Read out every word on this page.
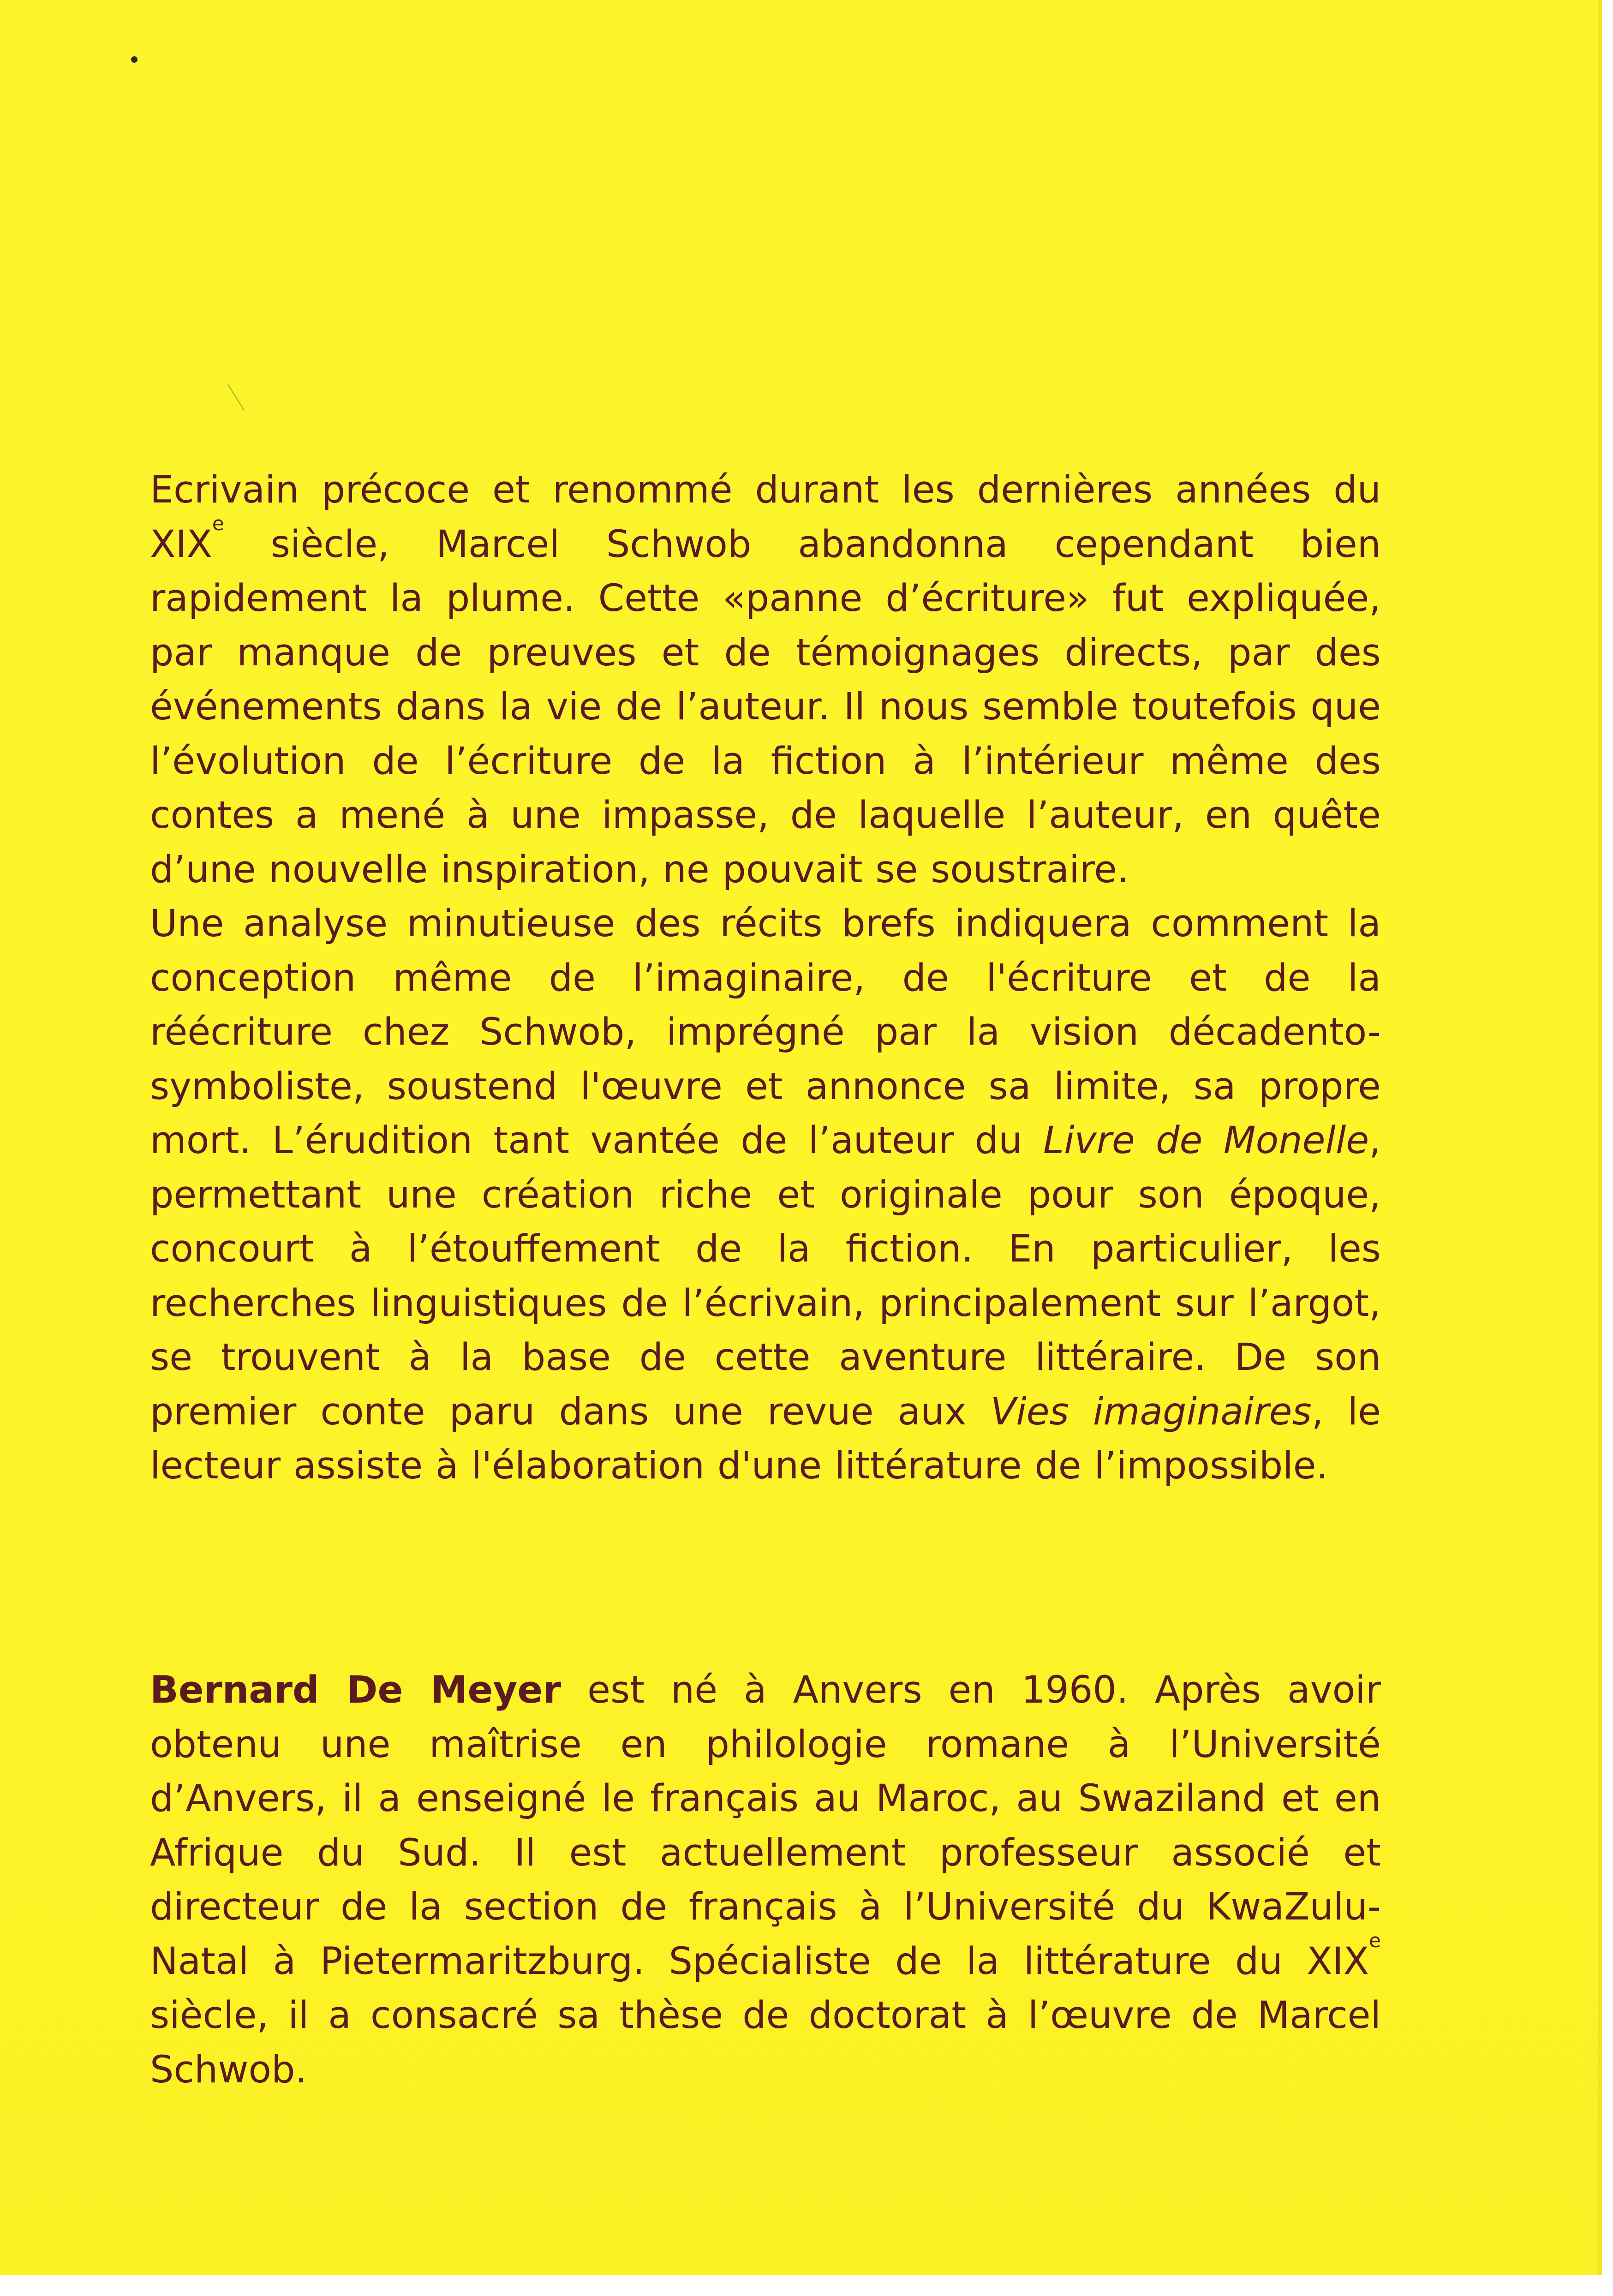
Ecrivain précoce et renommé durant les dernières années du XIXe siècle, Marcel Schwob abandonna cependant bien rapidement la plume. Cette «panne d’écriture» fut expliquée, par manque de preuves et de témoignages directs, par des événements dans la vie de l’auteur. Il nous semble toutefois que l’évolution de l’écriture de la fiction à l’intérieur même des contes a mené à une impasse, de laquelle l’auteur, en quête d’une nouvelle inspiration, ne pouvait se soustraire.

Une analyse minutieuse des récits brefs indiquera comment la conception même de l’imaginaire, de l'écriture et de la réécriture chez Schwob, imprégné par la vision décadento-symboliste, soustend l'œuvre et annonce sa limite, sa propre mort. L’érudition tant vantée de l’auteur du Livre de Monelle, permettant une création riche et originale pour son époque, concourt à l’étouffement de la fiction. En particulier, les recherches linguistiques de l’écrivain, principalement sur l’argot, se trouvent à la base de cette aventure littéraire. De son premier conte paru dans une revue aux Vies imaginaires, le lecteur assiste à l'élaboration d'une littérature de l’impossible.

Bernard De Meyer est né à Anvers en 1960. Après avoir obtenu une maîtrise en philologie romane à l’Université d’Anvers, il a enseigné le français au Maroc, au Swaziland et en Afrique du Sud. Il est actuellement professeur associé et directeur de la section de français à l’Université du KwaZulu-Natal à Pietermaritzburg. Spécialiste de la littérature du XIXe siècle, il a consacré sa thèse de doctorat à l’œuvre de Marcel Schwob.
